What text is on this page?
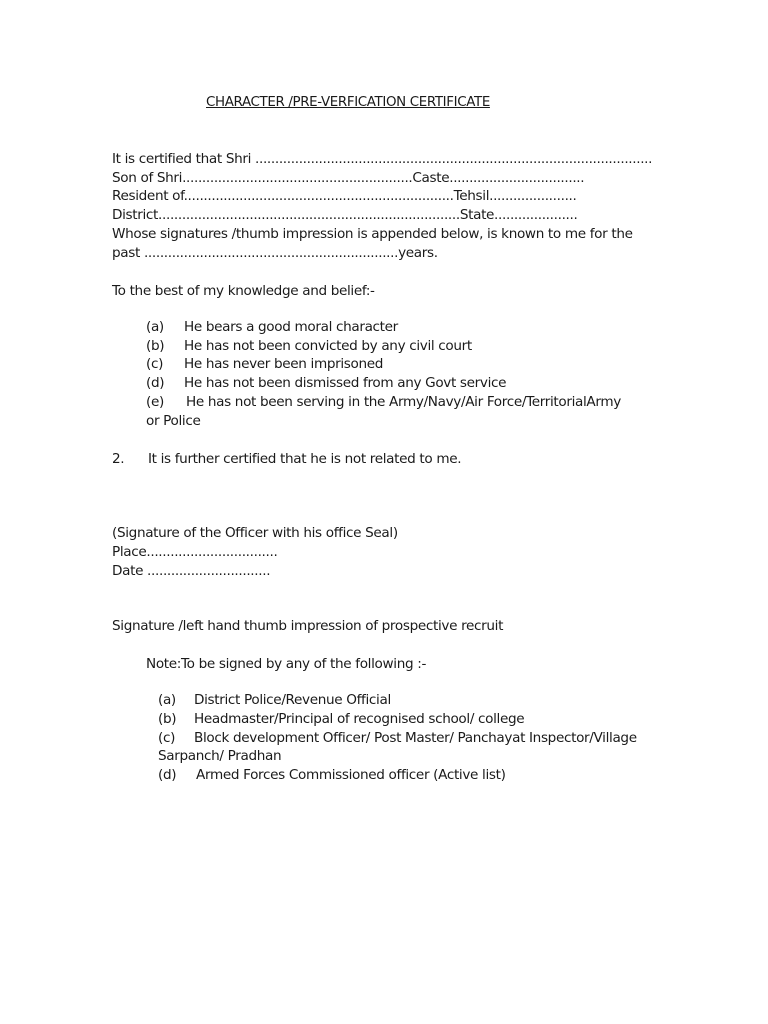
CHARACTER /PRE-VERFICATION CERTIFICATE
It is certified that Shri ....................................................................................................
Son of Shri..........................................................Caste..................................
Resident of....................................................................Tehsil......................
District............................................................................State.....................
Whose signatures /thumb impression is appended below, is known to me for the
past ................................................................years.
To the best of my knowledge and belief:-
(a) He bears a good moral character
(b) He has not been convicted by any civil court
(c) He has never been imprisoned
(d) He has not been dismissed from any Govt service
(e) He has not been serving in the Army/Navy/Air Force/TerritorialArmy
or Police
2. It is further certified that he is not related to me.
(Signature of the Officer with his office Seal)
Place.................................
Date ...............................
Signature /left hand thumb impression of prospective recruit
Note:To be signed by any of the following :-
(a) District Police/Revenue Official
(b) Headmaster/Principal of recognised school/ college
(c) Block development Officer/ Post Master/ Panchayat Inspector/Village
Sarpanch/ Pradhan
(d) Armed Forces Commissioned officer (Active list)
